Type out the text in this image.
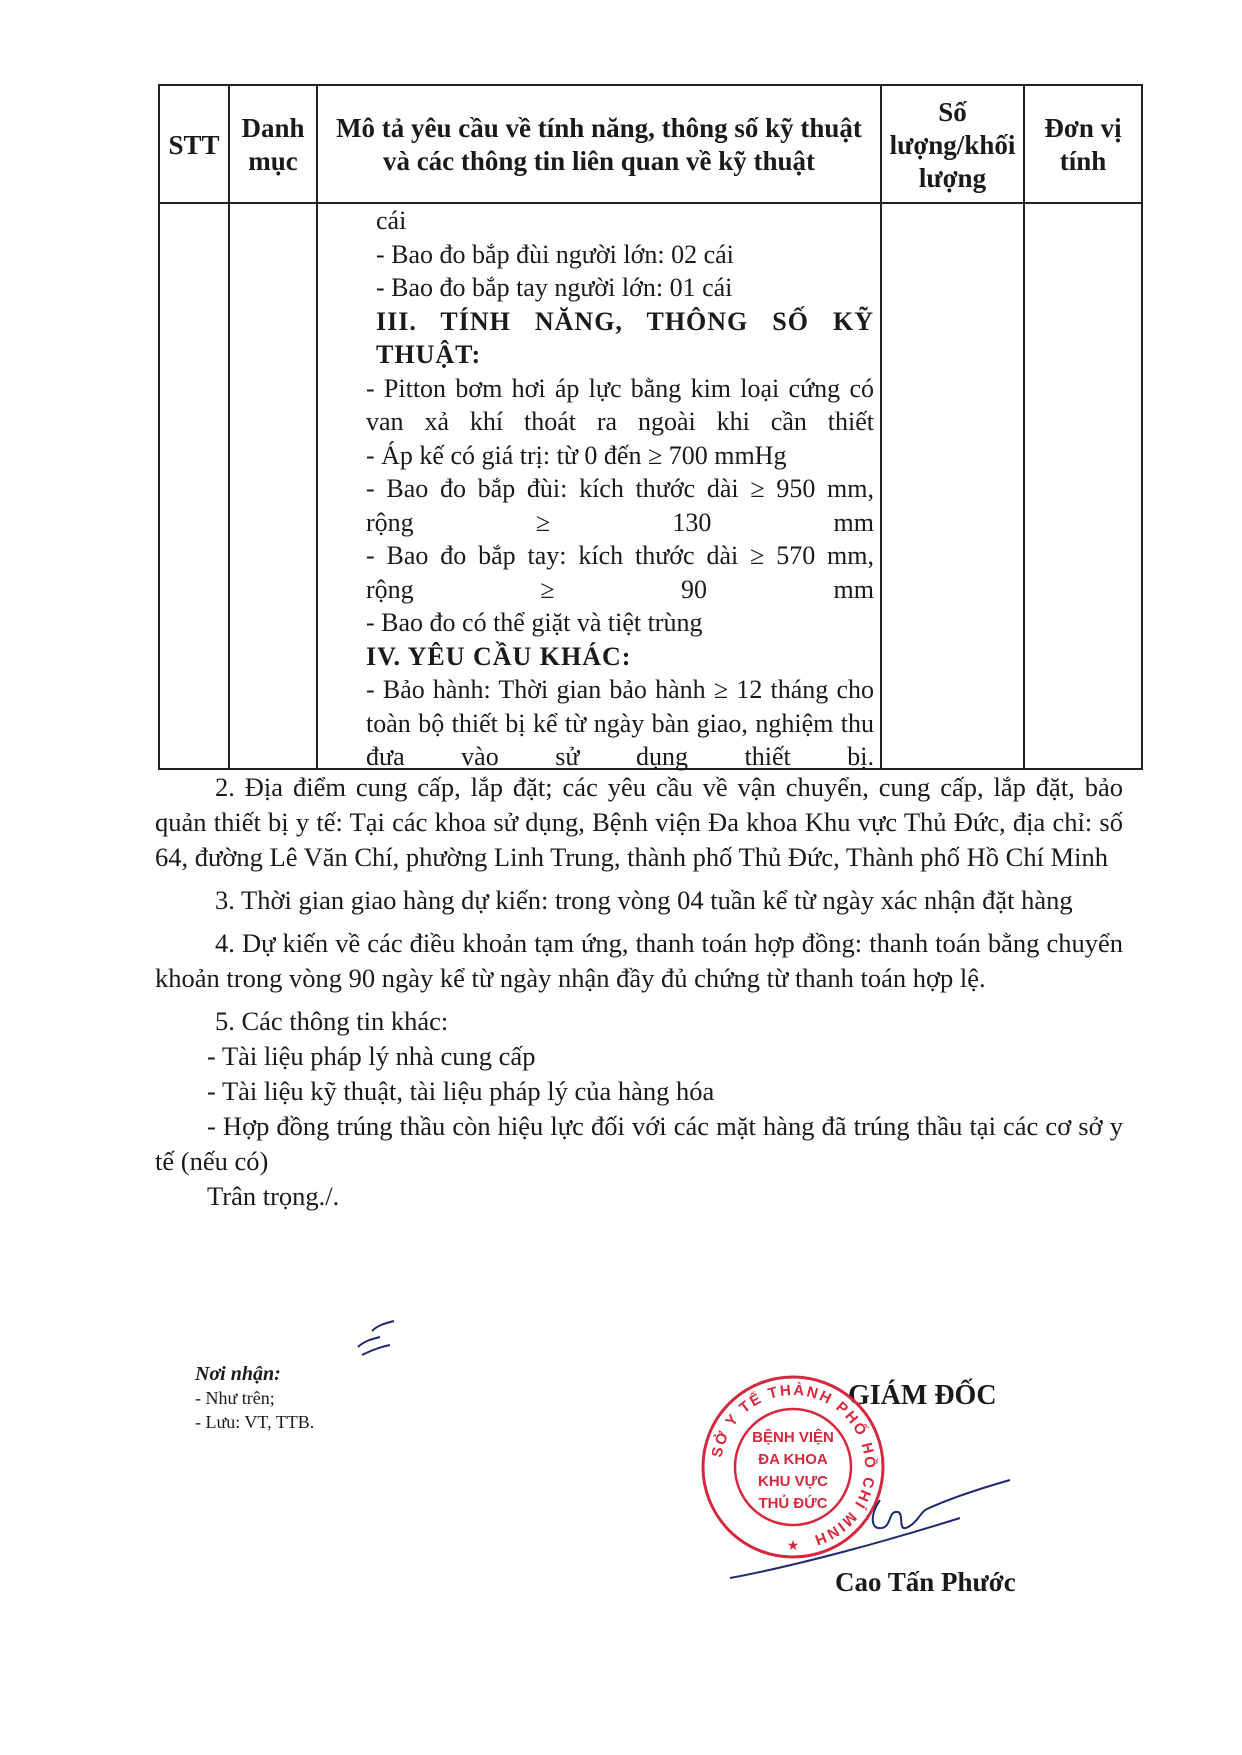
STT
Danh mục
Mô tả yêu cầu về tính năng, thông số kỹ thuật và các thông tin liên quan về kỹ thuật
Số lượng/khối lượng
Đơn vị tính
cái
- Bao đo bắp đùi người lớn: 02 cái
- Bao đo bắp tay người lớn: 01 cái
III. TÍNH NĂNG, THÔNG SỐ KỸ THUẬT:
- Pitton bơm hơi áp lực bằng kim loại cứng có van xả khí thoát ra ngoài khi cần thiết
- Áp kế có giá trị: từ 0 đến ≥ 700 mmHg
- Bao đo bắp đùi: kích thước dài ≥ 950 mm, rộng ≥ 130 mm
- Bao đo bắp tay: kích thước dài ≥ 570 mm, rộng ≥ 90 mm
- Bao đo có thể giặt và tiệt trùng
IV. YÊU CẦU KHÁC:
- Bảo hành: Thời gian bảo hành ≥ 12 tháng cho toàn bộ thiết bị kể từ ngày bàn giao, nghiệm thu đưa vào sử dụng thiết bị.

2. Địa điểm cung cấp, lắp đặt; các yêu cầu về vận chuyển, cung cấp, lắp đặt, bảo quản thiết bị y tế: Tại các khoa sử dụng, Bệnh viện Đa khoa Khu vực Thủ Đức, địa chỉ: số 64, đường Lê Văn Chí, phường Linh Trung, thành phố Thủ Đức, Thành phố Hồ Chí Minh

3. Thời gian giao hàng dự kiến: trong vòng 04 tuần kể từ ngày xác nhận đặt hàng

4. Dự kiến về các điều khoản tạm ứng, thanh toán hợp đồng: thanh toán bằng chuyển khoản trong vòng 90 ngày kể từ ngày nhận đầy đủ chứng từ thanh toán hợp lệ.

5. Các thông tin khác:

- Tài liệu pháp lý nhà cung cấp

- Tài liệu kỹ thuật, tài liệu pháp lý của hàng hóa

- Hợp đồng trúng thầu còn hiệu lực đối với các mặt hàng đã trúng thầu tại các cơ sở y tế (nếu có)

Trân trọng./.

Nơi nhận:
- Như trên;
- Lưu: VT, TTB.
GIÁM ĐỐC
SỞ Y TẾ THÀNH PHỐ HỒ CHÍ MINH
BỆNH VIỆN
ĐA KHOA
KHU VỰC
THỦ ĐỨC
★
Cao Tấn Phước
